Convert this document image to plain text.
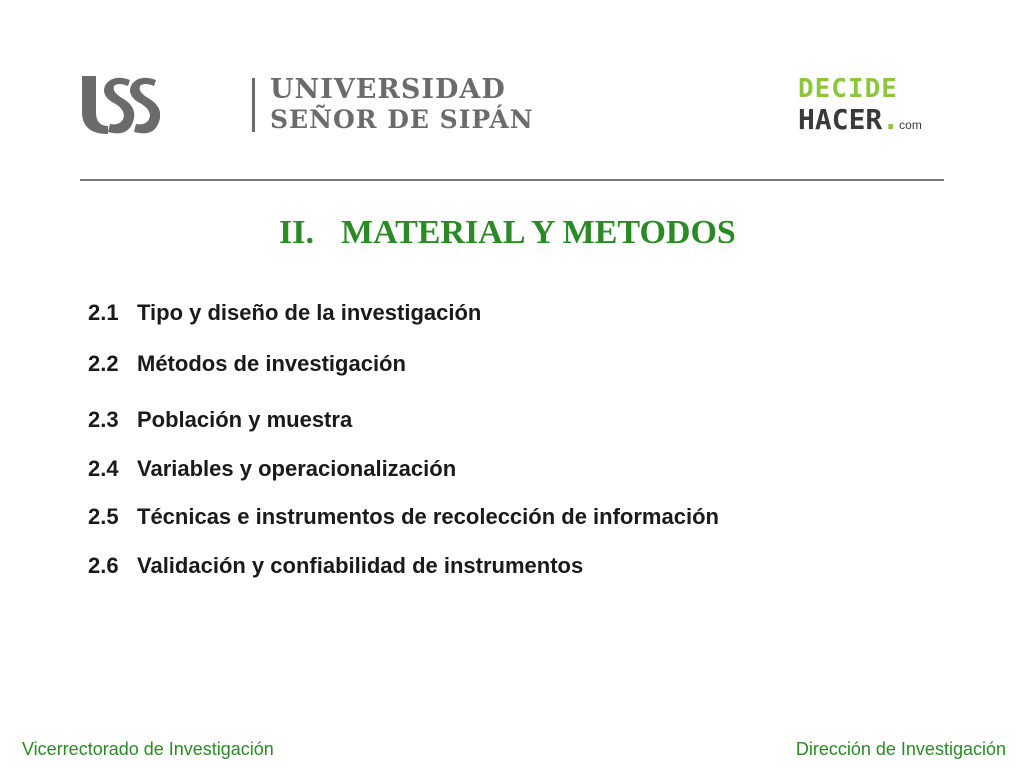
UNIVERSIDAD
SEÑOR DE SIPÁN
DECIDE
HACER.com
II. MATERIAL Y METODOS
2.1 Tipo y diseño de la investigación
2.2 Métodos de investigación
2.3 Población y muestra
2.4 Variables y operacionalización
2.5 Técnicas e instrumentos de recolección de información
2.6 Validación y confiabilidad de instrumentos
Vicerrectorado de Investigación	Dirección de Investigación
